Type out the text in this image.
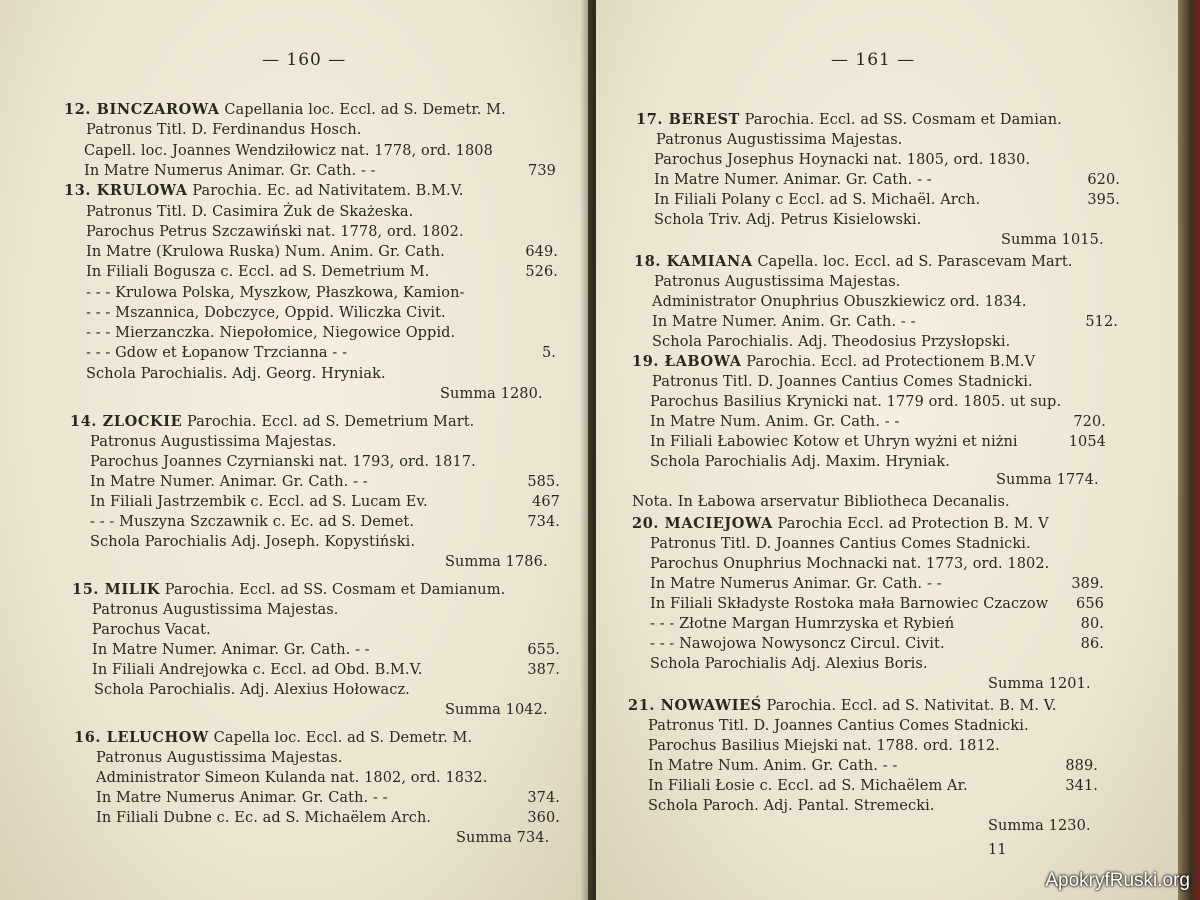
— 160 —
12. BINCZAROWA Capellania loc. Eccl. ad S. Demetr. M.
Patronus Titl. D. Ferdinandus Hosch.
Capell. loc. Joannes Wendziłowicz nat. 1778, ord. 1808
In Matre Numerus Animar. Gr. Cath. - -	739
13. KRULOWA Parochia. Ec. ad Nativitatem. B.M.V.
Patronus Titl. D. Casimira Żuk de Skażeska.
Parochus Petrus Szczawiński nat. 1778, ord. 1802.
In Matre (Krulowa Ruska) Num. Anim. Gr. Cath.	649.
In Filiali Bogusza c. Eccl. ad S. Demetrium M.	526.
- - - Krulowa Polska, Myszkow, Płaszkowa, Kamion-
- - - Mszannica, Dobczyce, Oppid. Wiliczka Civit.
- - - Mierzanczka. Niepołomice, Niegowice Oppid.
- - - Gdow et Łopanow Trzcianna - -	5.
Schola Parochialis. Adj. Georg. Hryniak.
Summa 1280.
14. ZLOCKIE Parochia. Eccl. ad S. Demetrium Mart.
Patronus Augustissima Majestas.
Parochus Joannes Czyrnianski nat. 1793, ord. 1817.
In Matre Numer. Animar. Gr. Cath. - -	585.
In Filiali Jastrzembik c. Eccl. ad S. Lucam Ev.	467
- - - Muszyna Szczawnik c. Ec. ad S. Demet.	734.
Schola Parochialis Adj. Joseph. Kopystiński.
Summa 1786.
15. MILIK Parochia. Eccl. ad SS. Cosmam et Damianum.
Patronus Augustissima Majestas.
Parochus Vacat.
In Matre Numer. Animar. Gr. Cath. - -	655.
In Filiali Andrejowka c. Eccl. ad Obd. B.M.V.	387.
Schola Parochialis. Adj. Alexius Hołowacz.
Summa 1042.
16. LELUCHOW Capella loc. Eccl. ad S. Demetr. M.
Patronus Augustissima Majestas.
Administrator Simeon Kulanda nat. 1802, ord. 1832.
In Matre Numerus Animar. Gr. Cath. - -	374.
In Filiali Dubne c. Ec. ad S. Michaëlem Arch.	360.
Summa 734.
— 161 —
17. BEREST Parochia. Eccl. ad SS. Cosmam et Damian.
Patronus Augustissima Majestas.
Parochus Josephus Hoynacki nat. 1805, ord. 1830.
In Matre Numer. Animar. Gr. Cath. - -	620.
In Filiali Polany c Eccl. ad S. Michaël. Arch.	395.
Schola Triv. Adj. Petrus Kisielowski.
Summa 1015.
18. KAMIANA Capella. loc. Eccl. ad S. Parascevam Mart.
Patronus Augustissima Majestas.
Administrator Onuphrius Obuszkiewicz ord. 1834.
In Matre Numer. Anim. Gr. Cath. - -	512.
Schola Parochialis. Adj. Theodosius Przysłopski.
19. ŁABOWA Parochia. Eccl. ad Protectionem B.M.V
Patronus Titl. D. Joannes Cantius Comes Stadnicki.
Parochus Basilius Krynicki nat. 1779 ord. 1805. ut sup.
In Matre Num. Anim. Gr. Cath. - -	720.
In Filiali Łabowiec Kotow et Uhryn wyżni et niżni	1054
Schola Parochialis Adj. Maxim. Hryniak.
Summa 1774.
Nota. In Łabowa arservatur Bibliotheca Decanalis.
20. MACIEJOWA Parochia Eccl. ad Protection B. M. V
Patronus Titl. D. Joannes Cantius Comes Stadnicki.
Parochus Onuphrius Mochnacki nat. 1773, ord. 1802.
In Matre Numerus Animar. Gr. Cath. - -	389.
In Filiali Składyste Rostoka mała Barnowiec Czaczow 656
- - - Złotne Margan Humrzyska et Rybień	80.
- - - Nawojowa Nowysoncz Circul. Civit.	86.
Schola Parochialis Adj. Alexius Boris.
Summa 1201.
21. NOWAWIEŚ Parochia. Eccl. ad S. Nativitat. B. M. V.
Patronus Titl. D. Joannes Cantius Comes Stadnicki.
Parochus Basilius Miejski nat. 1788. ord. 1812.
In Matre Num. Anim. Gr. Cath. - -	889.
In Filiali Łosie c. Eccl. ad S. Michaëlem Ar.	341.
Schola Paroch. Adj. Pantal. Stremecki.
Summa 1230.
11
ApokryfRuski.org
